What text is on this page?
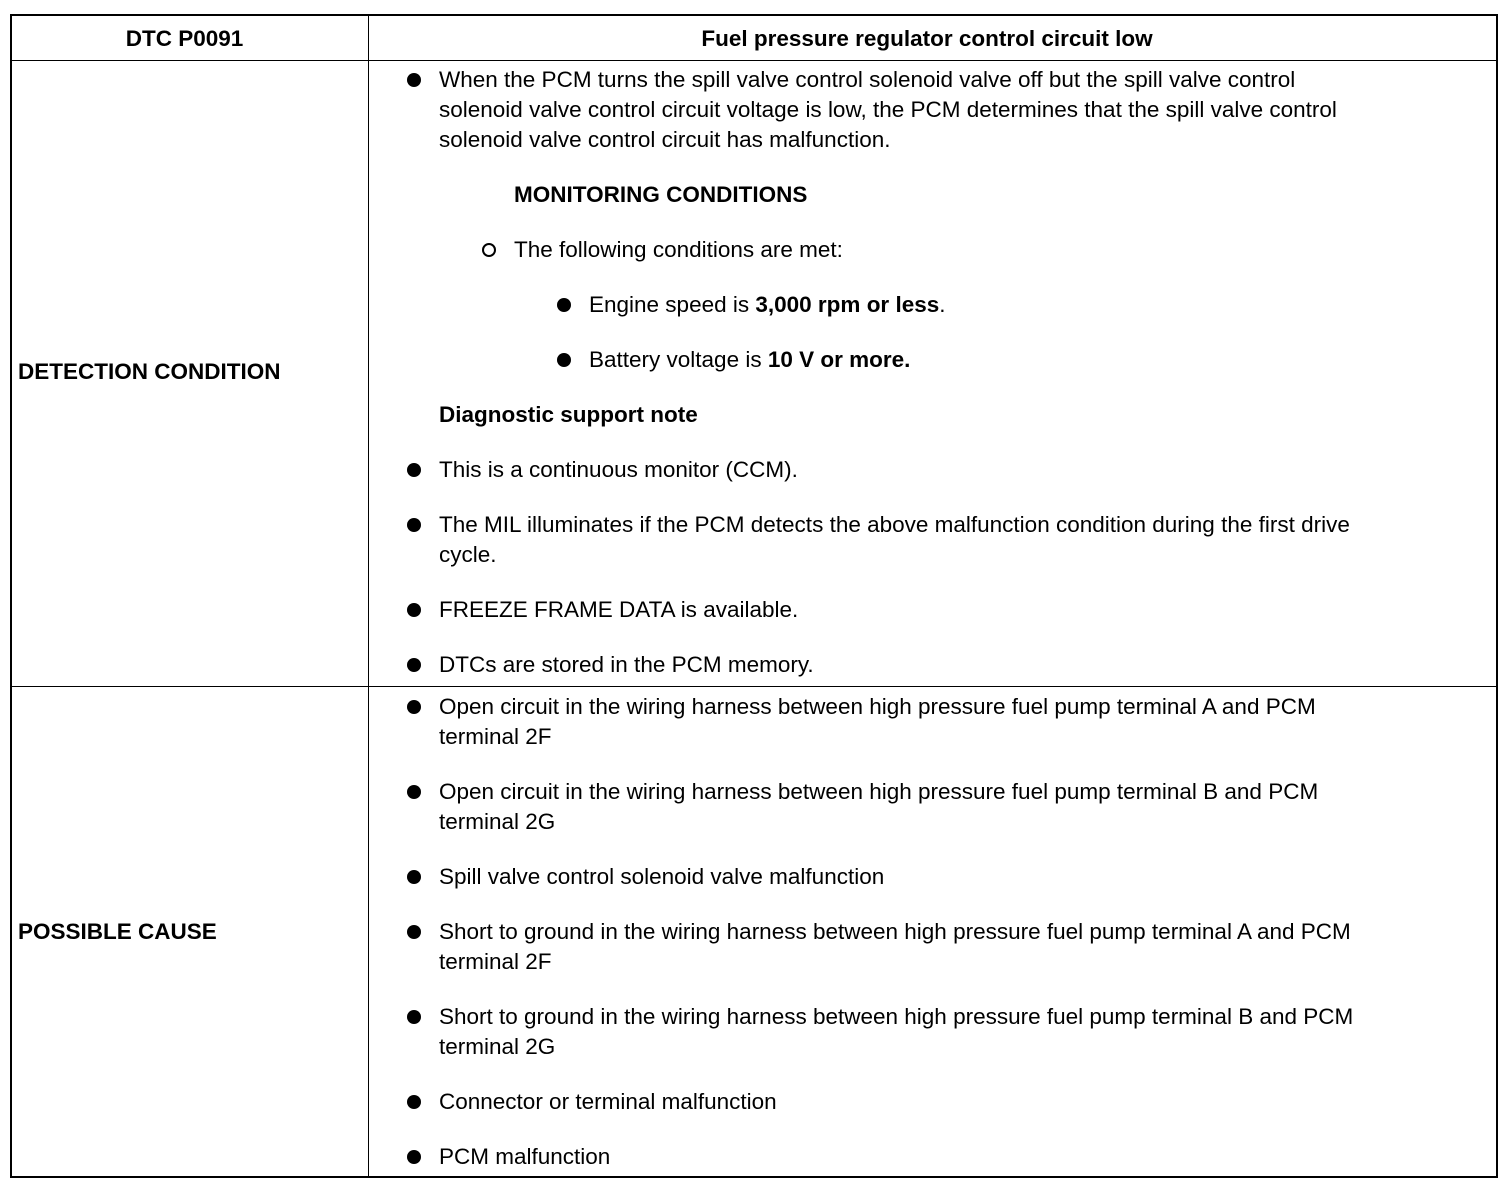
DTC P0091	Fuel pressure regulator control circuit low
DETECTION CONDITION
POSSIBLE CAUSE
When the PCM turns the spill valve control solenoid valve off but the spill valve control
solenoid valve control circuit voltage is low, the PCM determines that the spill valve control
solenoid valve control circuit has malfunction.
MONITORING CONDITIONS
The following conditions are met:
Engine speed is 3,000 rpm or less.
Battery voltage is 10 V or more.
Diagnostic support note
This is a continuous monitor (CCM).
The MIL illuminates if the PCM detects the above malfunction condition during the first drive
cycle.
FREEZE FRAME DATA is available.
DTCs are stored in the PCM memory.
Open circuit in the wiring harness between high pressure fuel pump terminal A and PCM
terminal 2F
Open circuit in the wiring harness between high pressure fuel pump terminal B and PCM
terminal 2G
Spill valve control solenoid valve malfunction
Short to ground in the wiring harness between high pressure fuel pump terminal A and PCM
terminal 2F
Short to ground in the wiring harness between high pressure fuel pump terminal B and PCM
terminal 2G
Connector or terminal malfunction
PCM malfunction
